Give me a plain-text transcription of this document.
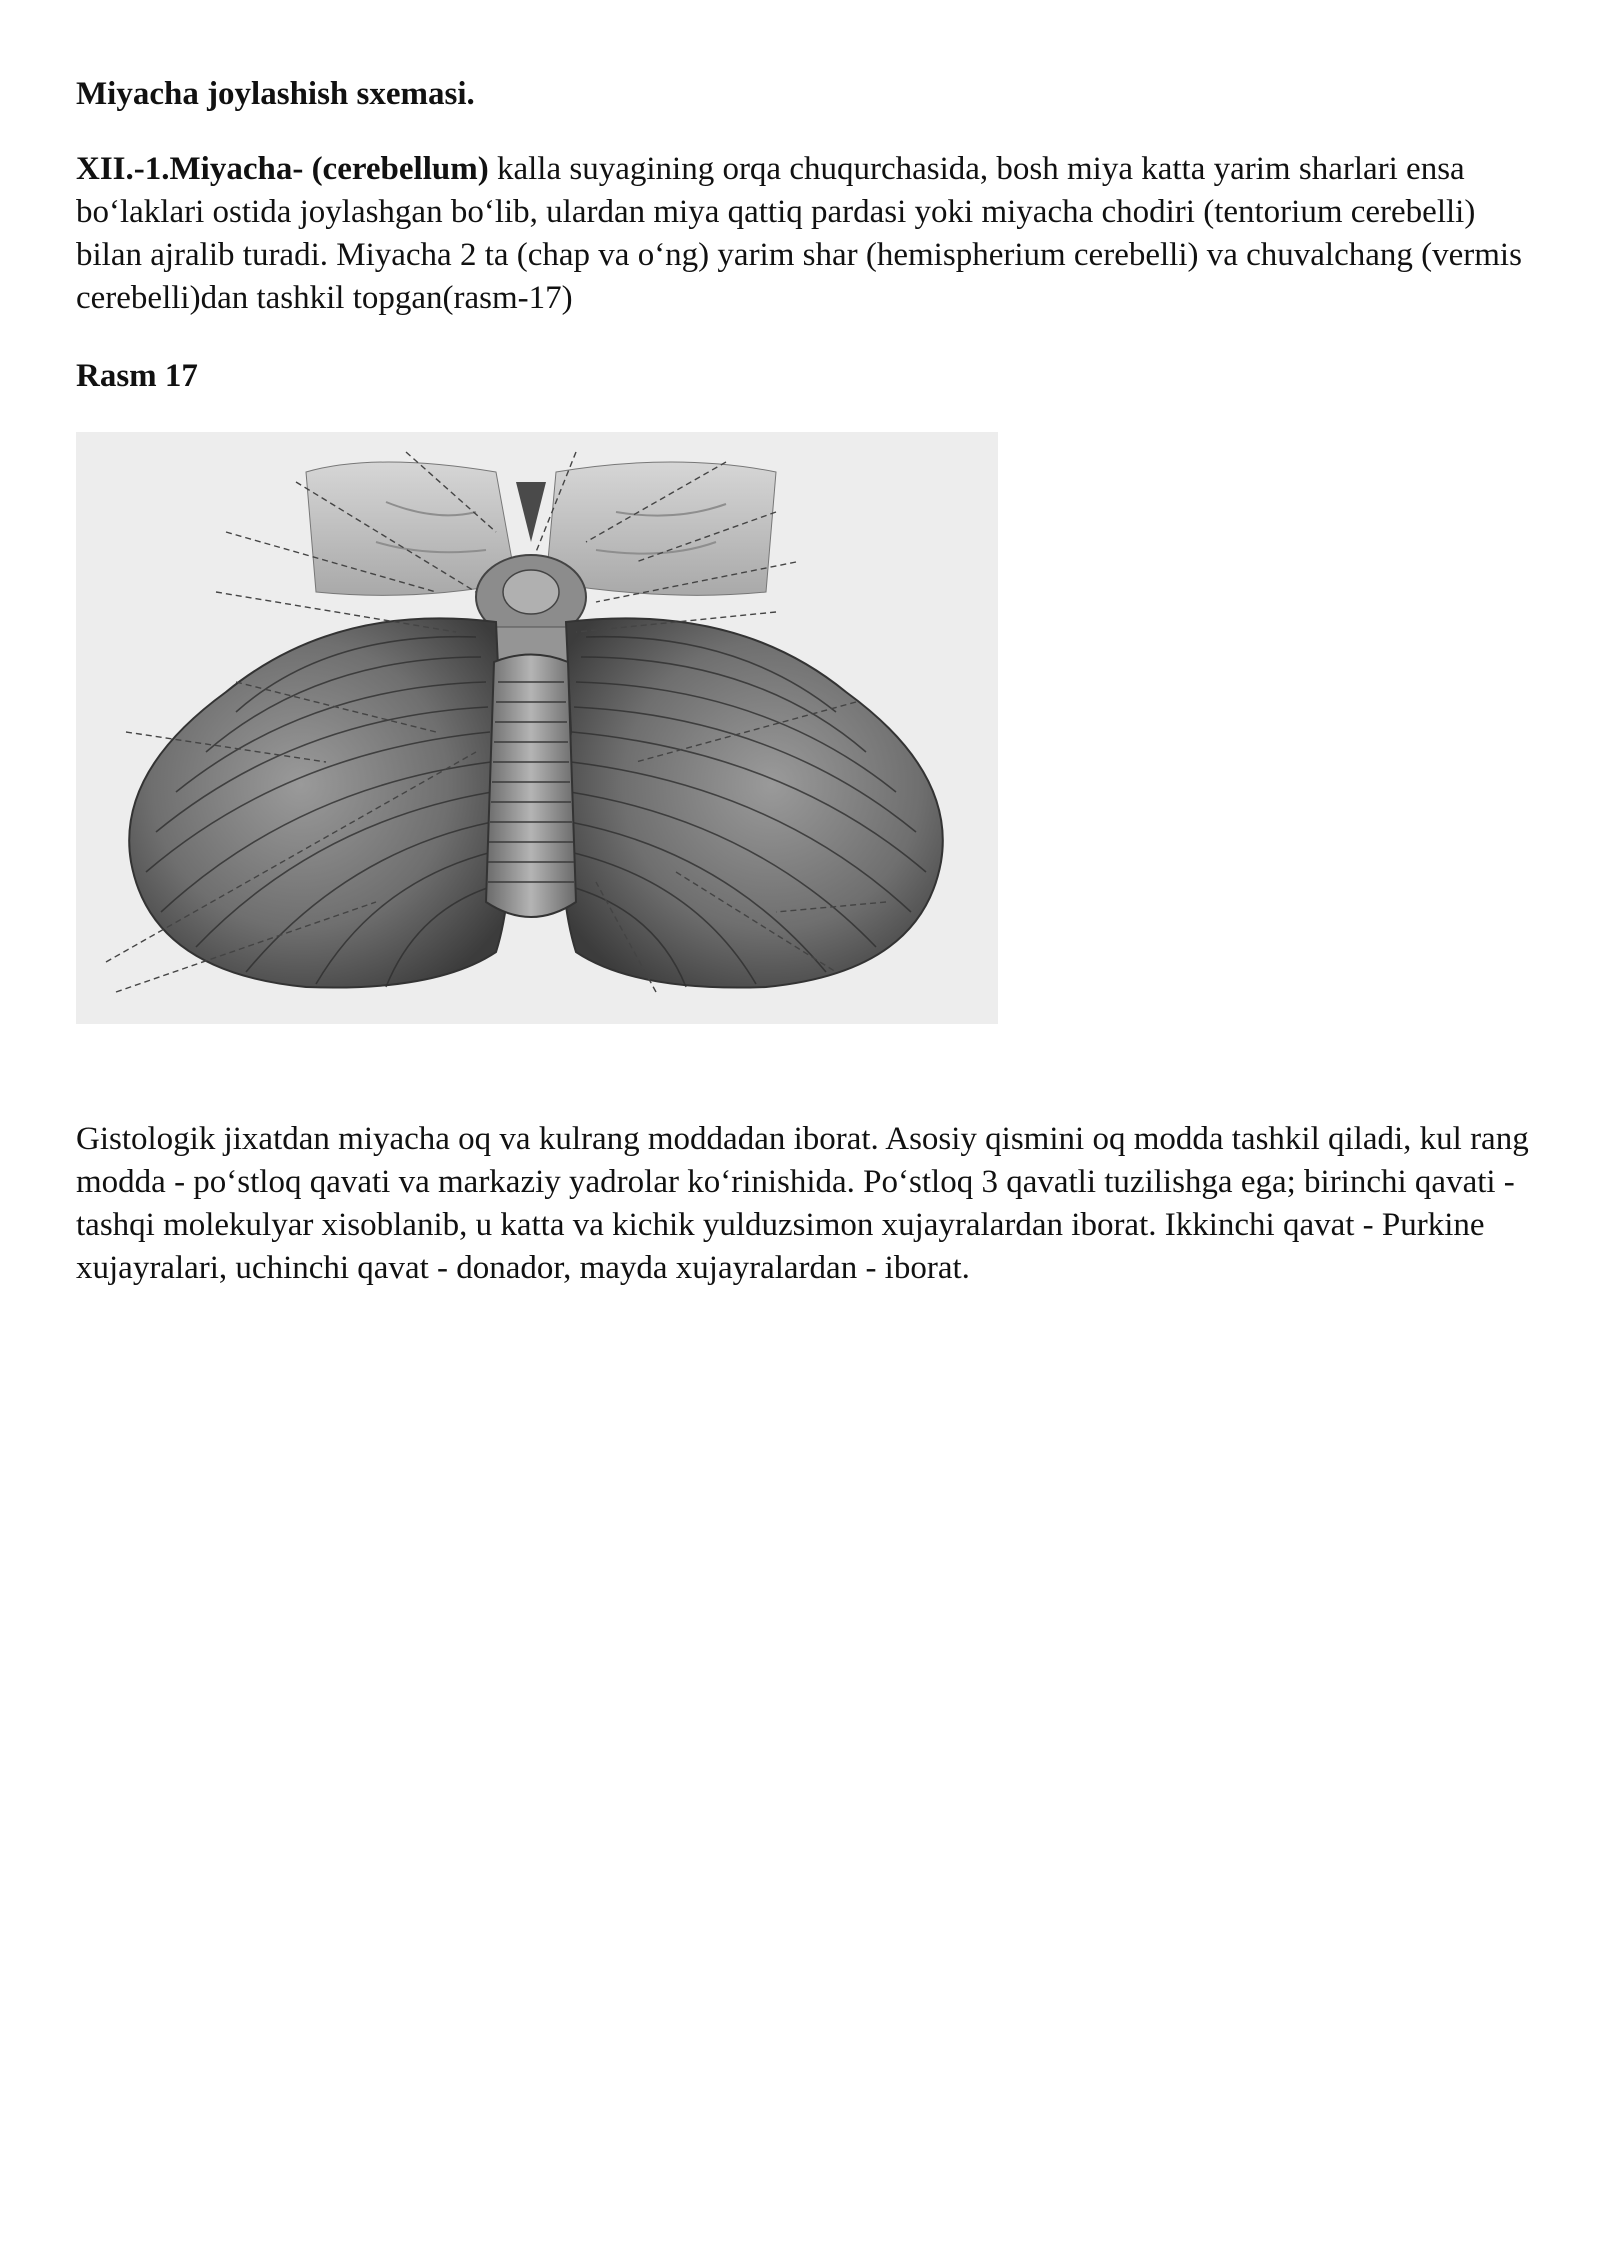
Miyacha joylashish sxemasi.

XII.-1.Miyacha- (cerebellum) kalla suyagining orqa chuqurchasida, bosh miya katta yarim sharlari ensa bo‘laklari ostida joylashgan bo‘lib, ulardan miya qattiq pardasi yoki miyacha chodiri (tentorium cerebelli) bilan ajralib turadi. Miyacha 2 ta (chap va o‘ng) yarim shar (hemispherium cerebelli) va chuvalchang (vermis cerebelli)dan tashkil topgan(rasm-17)

Rasm 17

Gistologik jixatdan miyacha oq va kulrang moddadan iborat. Asosiy qismini oq modda tashkil qiladi, kul rang modda - po‘stloq qavati va markaziy yadrolar ko‘rinishida. Po‘stloq 3 qavatli tuzilishga ega; birinchi qavati - tashqi molekulyar xisoblanib, u katta va kichik yulduzsimon xujayralardan iborat. Ikkinchi qavat - Purkine xujayralari, uchinchi qavat - donador, mayda xujayralardan - iborat.
